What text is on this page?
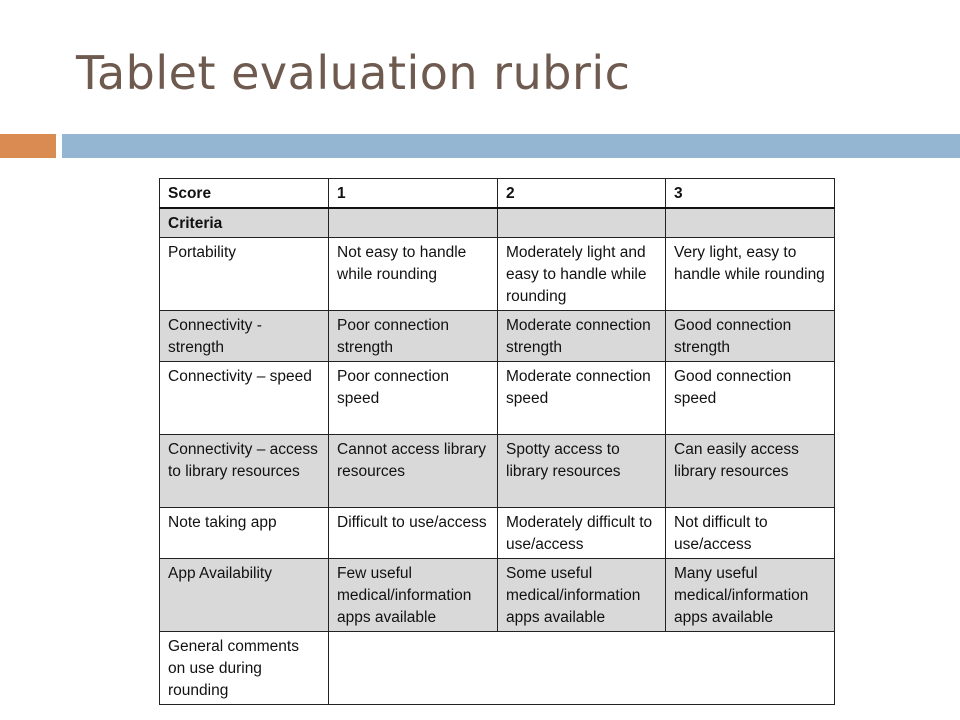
Tablet evaluation rubric
Score	1	2	3
Criteria			
Portability	Not easy to handle while rounding	Moderately light and easy to handle while rounding	Very light, easy to handle while rounding
Connectivity - strength	Poor connection strength	Moderate connection strength	Good connection strength
Connectivity – speed	Poor connection speed	Moderate connection speed	Good connection speed
Connectivity – access to library resources	Cannot access library resources	Spotty access to library resources	Can easily access library resources
Note taking app	Difficult to use/access	Moderately difficult to use/access	Not difficult to use/access
App Availability	Few useful medical/information apps available	Some useful medical/information apps available	Many useful medical/information apps available
General comments on use during rounding			
